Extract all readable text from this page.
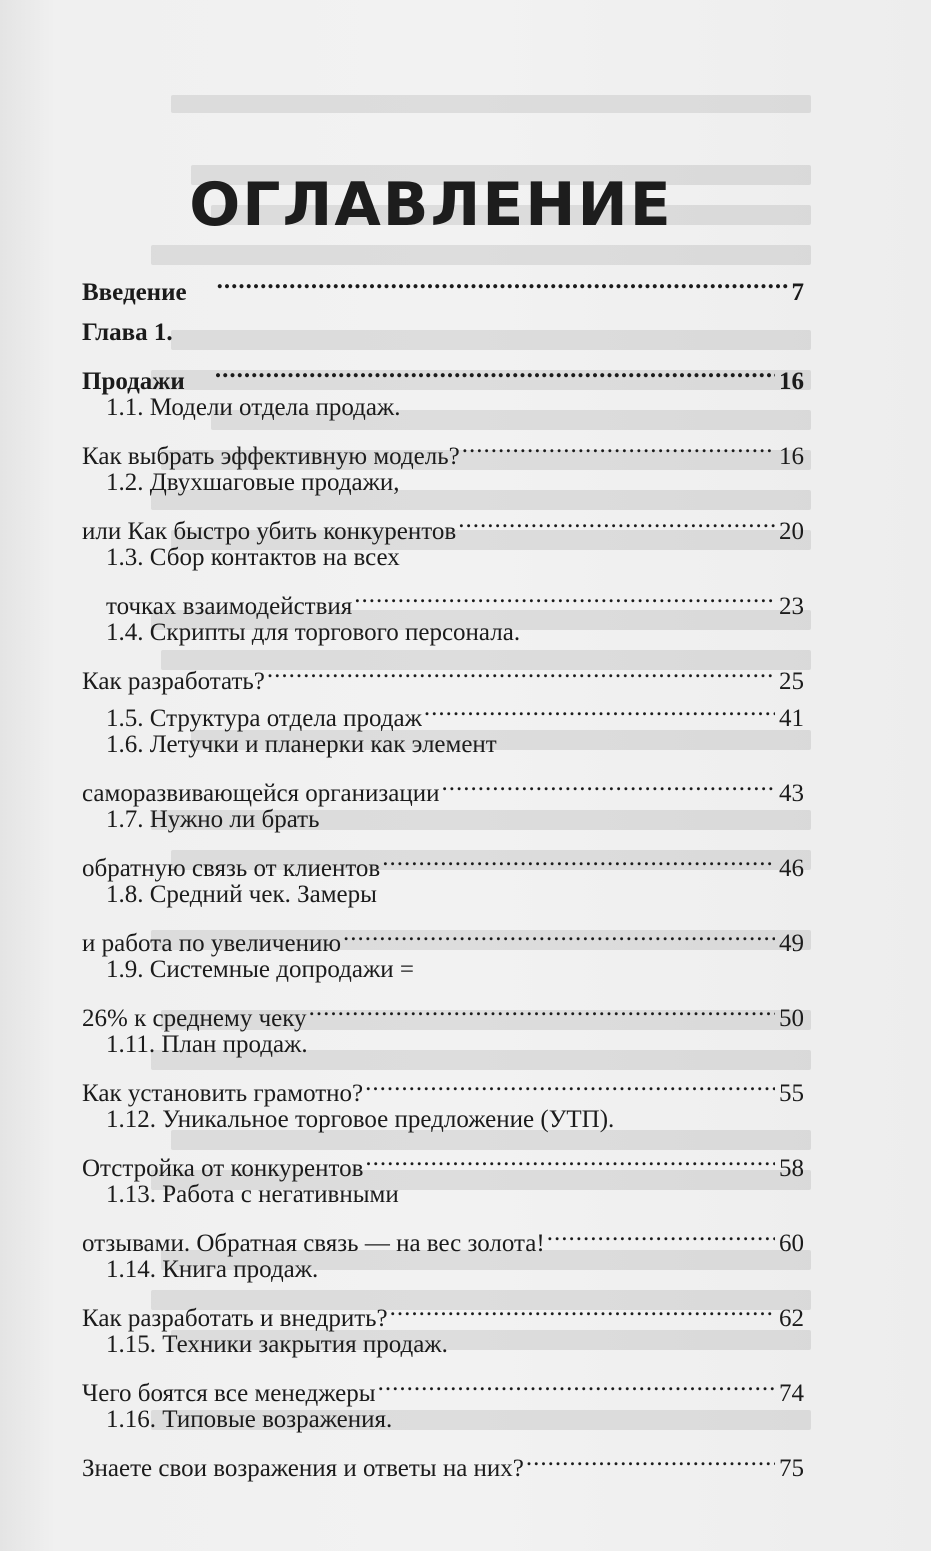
ОГЛАВЛЕНИЕ
Введение .....	7
Глава 1.
Продажи .....	16
1.1. Модели отдела продаж.
Как выбрать эффективную модель? .....	16
1.2. Двухшаговые продажи,
или Как быстро убить конкурентов .....	20
1.3. Сбор контактов на всех
точках взаимодействия .....	23
1.4. Скрипты для торгового персонала.
Как разработать? .....	25
1.5. Структура отдела продаж .....	41
1.6. Летучки и планерки как элемент
саморазвивающейся организации .....	43
1.7. Нужно ли брать
обратную связь от клиентов .....	46
1.8. Средний чек. Замеры
и работа по увеличению .....	49
1.9. Системные допродажи =
26% к среднему чеку .....	50
1.11. План продаж.
Как установить грамотно? .....	55
1.12. Уникальное торговое предложение (УТП).
Отстройка от конкурентов .....	58
1.13. Работа с негативными
отзывами. Обратная связь — на вес золота! .....	60
1.14. Книга продаж.
Как разработать и внедрить? .....	62
1.15. Техники закрытия продаж.
Чего боятся все менеджеры .....	74
1.16. Типовые возражения.
Знаете свои возражения и ответы на них? .....	75
